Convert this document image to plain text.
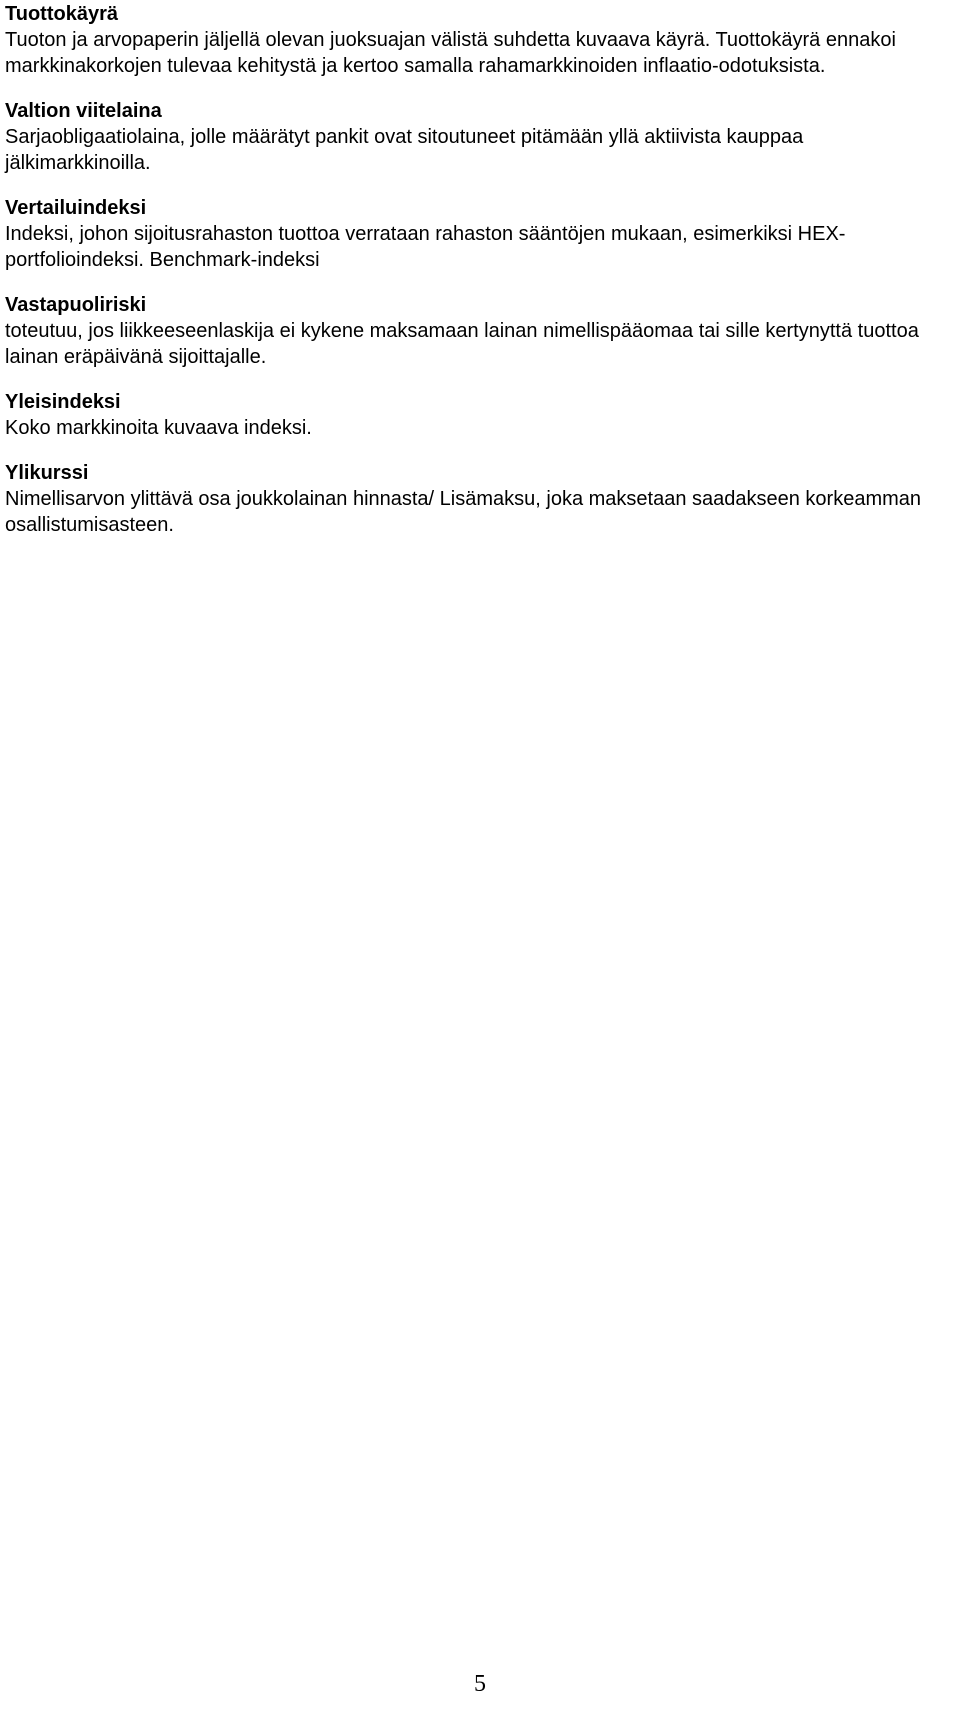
Tuottokäyrä

Tuoton ja arvopaperin jäljellä olevan juoksuajan välistä suhdetta kuvaava käyrä. Tuottokäyrä ennakoi markkinakorkojen tulevaa kehitystä ja kertoo samalla rahamarkkinoiden inflaatio-odotuksista.

Valtion viitelaina

Sarjaobligaatiolaina, jolle määrätyt pankit ovat sitoutuneet pitämään yllä aktiivista kauppaa jälkimarkkinoilla.

Vertailuindeksi

Indeksi, johon sijoitusrahaston tuottoa verrataan rahaston sääntöjen mukaan, esimerkiksi HEX-portfolioindeksi. Benchmark-indeksi

Vastapuoliriski

toteutuu, jos liikkeeseenlaskija ei kykene maksamaan lainan nimellispääomaa tai sille kertynyttä tuottoa lainan eräpäivänä sijoittajalle.

Yleisindeksi

Koko markkinoita kuvaava indeksi.

Ylikurssi

Nimellisarvon ylittävä osa joukkolainan hinnasta/ Lisämaksu, joka maksetaan saadakseen korkeamman osallistumisasteen.

5
